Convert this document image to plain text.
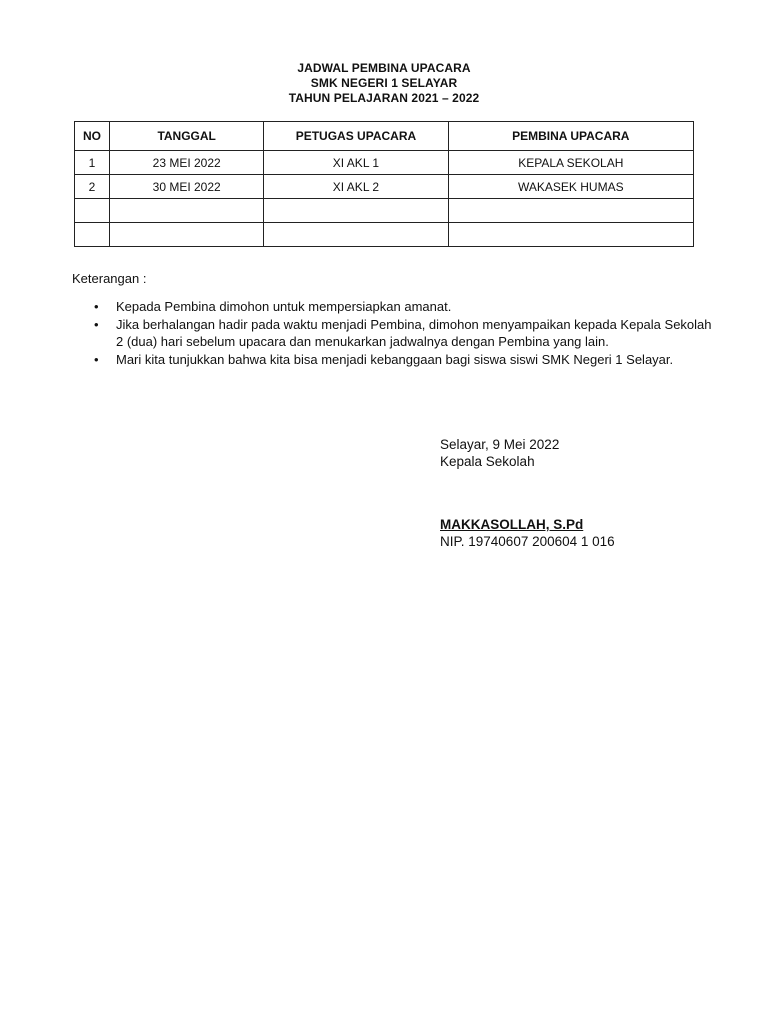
JADWAL PEMBINA UPACARA
SMK NEGERI 1 SELAYAR
TAHUN PELAJARAN 2021 – 2022
NO	TANGGAL	PETUGAS UPACARA	PEMBINA UPACARA
1	23 MEI 2022	XI AKL 1	KEPALA SEKOLAH
2	30 MEI 2022	XI AKL 2	WAKASEK HUMAS

Keterangan :
• Kepada Pembina dimohon untuk mempersiapkan amanat.
• Jika berhalangan hadir pada waktu menjadi Pembina, dimohon menyampaikan kepada Kepala Sekolah 2 (dua) hari sebelum upacara dan menukarkan jadwalnya dengan Pembina yang lain.
• Mari kita tunjukkan bahwa kita bisa menjadi kebanggaan bagi siswa siswi SMK Negeri 1 Selayar.
Selayar, 9 Mei 2022
Kepala Sekolah
MAKKASOLLAH, S.Pd
NIP. 19740607 200604 1 016
